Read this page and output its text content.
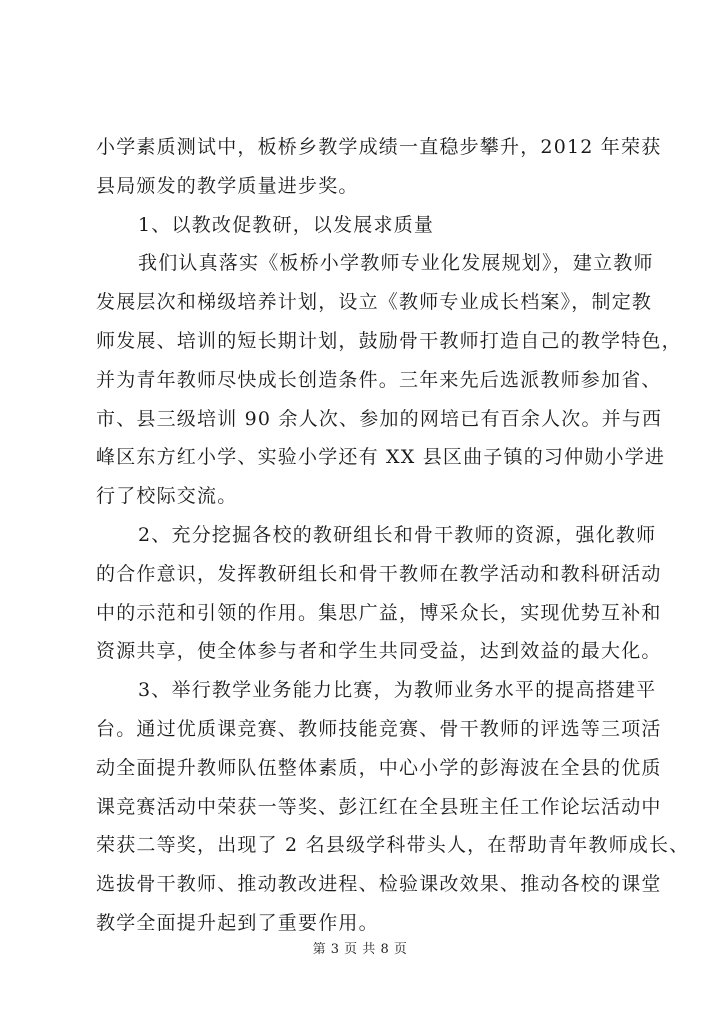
小学素质测试中，板桥乡教学成绩一直稳步攀升，2012 年荣获
县局颁发的教学质量进步奖。
1、以教改促教研，以发展求质量
我们认真落实《板桥小学教师专业化发展规划》，建立教师
发展层次和梯级培养计划，设立《教师专业成长档案》，制定教
师发展、培训的短长期计划，鼓励骨干教师打造自己的教学特色，
并为青年教师尽快成长创造条件。三年来先后选派教师参加省、
市、县三级培训 90 余人次、参加的网培已有百余人次。并与西
峰区东方红小学、实验小学还有 XX 县区曲子镇的习仲勋小学进
行了校际交流。
2、充分挖掘各校的教研组长和骨干教师的资源，强化教师
的合作意识，发挥教研组长和骨干教师在教学活动和教科研活动
中的示范和引领的作用。集思广益，博采众长，实现优势互补和
资源共享，使全体参与者和学生共同受益，达到效益的最大化。
3、举行教学业务能力比赛，为教师业务水平的提高搭建平
台。通过优质课竞赛、教师技能竞赛、骨干教师的评选等三项活
动全面提升教师队伍整体素质，中心小学的彭海波在全县的优质
课竞赛活动中荣获一等奖、彭江红在全县班主任工作论坛活动中
荣获二等奖，出现了 2 名县级学科带头人，在帮助青年教师成长、
选拔骨干教师、推动教改进程、检验课改效果、推动各校的课堂
教学全面提升起到了重要作用。
第 3 页 共 8 页
